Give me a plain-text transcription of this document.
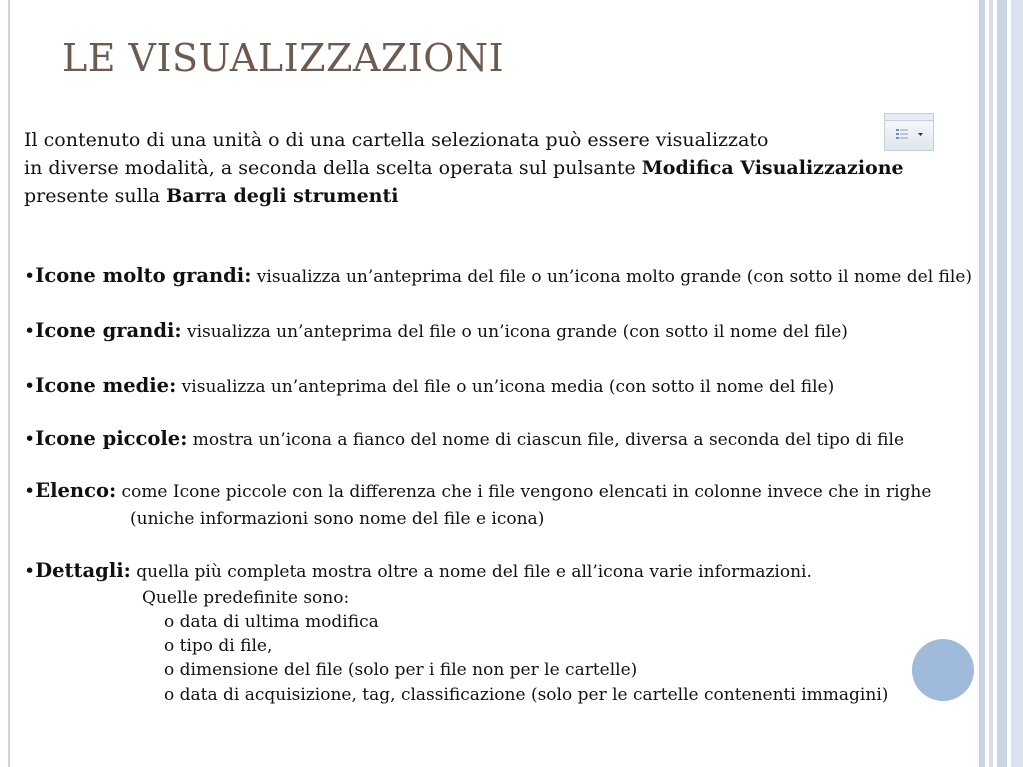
LE VISUALIZZAZIONI

Il contenuto di una unità o di una cartella selezionata può essere visualizzato

in diverse modalità, a seconda della scelta operata sul pulsante Modifica Visualizzazione

presente sulla Barra degli strumenti

•Icone molto grandi: visualizza un’anteprima del file o un’icona molto grande (con sotto il nome del file)
•Icone grandi: visualizza un’anteprima del file o un’icona grande (con sotto il nome del file)
•Icone medie: visualizza un’anteprima del file o un’icona media (con sotto il nome del file)
•Icone piccole: mostra un’icona a fianco del nome di ciascun file, diversa a seconda del tipo di file
•Elenco: come Icone piccole con la differenza che i file vengono elencati in colonne invece che in righe
(uniche informazioni sono nome del file e icona)
•Dettagli: quella più completa mostra oltre a nome del file e all’icona varie informazioni.
Quelle predefinite sono:
o data di ultima modifica
o tipo di file,
o dimensione del file (solo per i file non per le cartelle)
o data di acquisizione, tag, classificazione (solo per le cartelle contenenti immagini)
